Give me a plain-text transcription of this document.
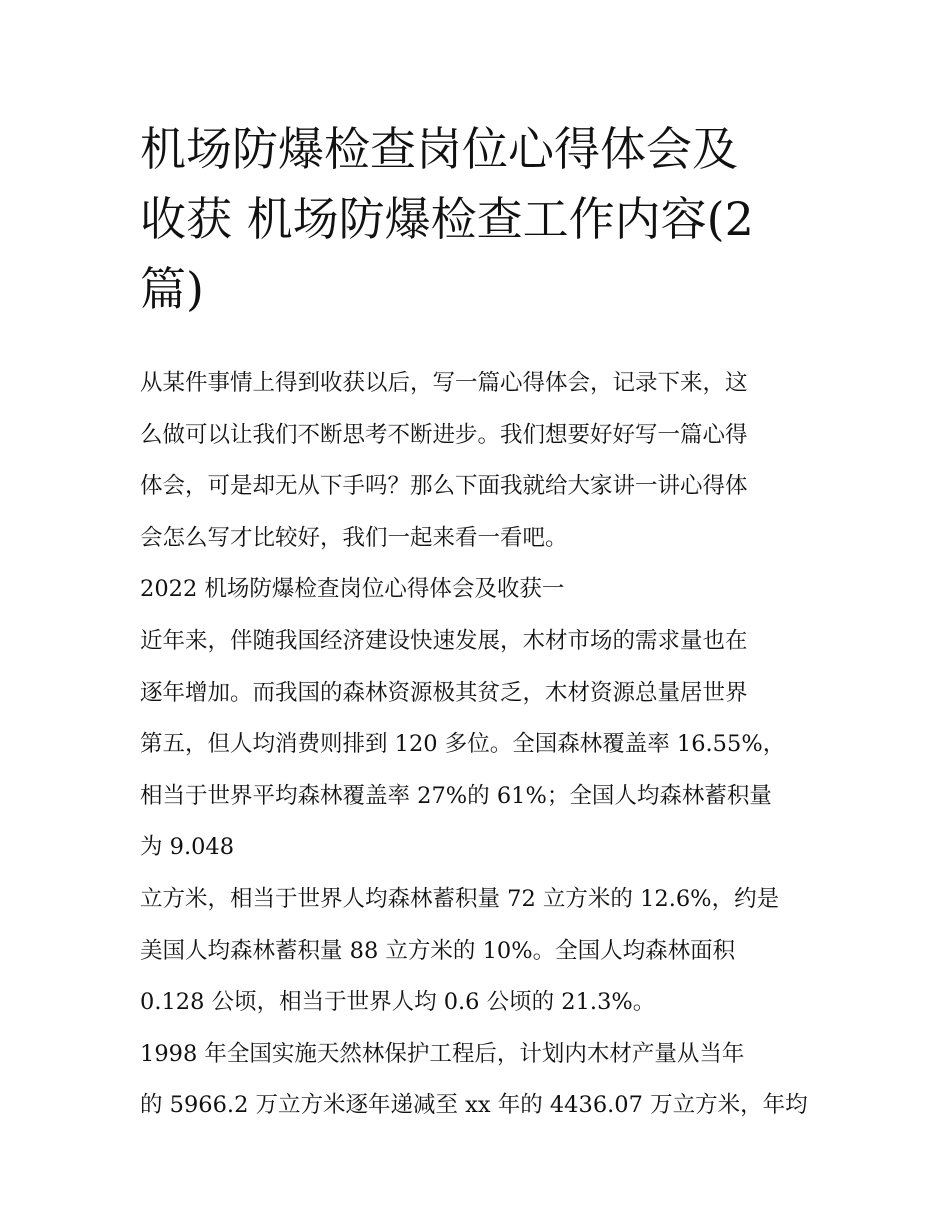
机场防爆检查岗位心得体会及
收获 机场防爆检查工作内容(2
篇)
从某件事情上得到收获以后，写一篇心得体会，记录下来，这
么做可以让我们不断思考不断进步。我们想要好好写一篇心得
体会，可是却无从下手吗？那么下面我就给大家讲一讲心得体
会怎么写才比较好，我们一起来看一看吧。
2022 机场防爆检查岗位心得体会及收获一
近年来，伴随我国经济建设快速发展，木材市场的需求量也在
逐年增加。而我国的森林资源极其贫乏，木材资源总量居世界
第五，但人均消费则排到 120 多位。全国森林覆盖率 16.55%，
相当于世界平均森林覆盖率 27%的 61%；全国人均森林蓄积量
为 9.048
立方米，相当于世界人均森林蓄积量 72 立方米的 12.6%，约是
美国人均森林蓄积量 88 立方米的 10%。全国人均森林面积
0.128 公顷，相当于世界人均 0.6 公顷的 21.3%。
1998 年全国实施天然林保护工程后，计划内木材产量从当年
的 5966.2 万立方米逐年递减至 xx 年的 4436.07 万立方米，年均
